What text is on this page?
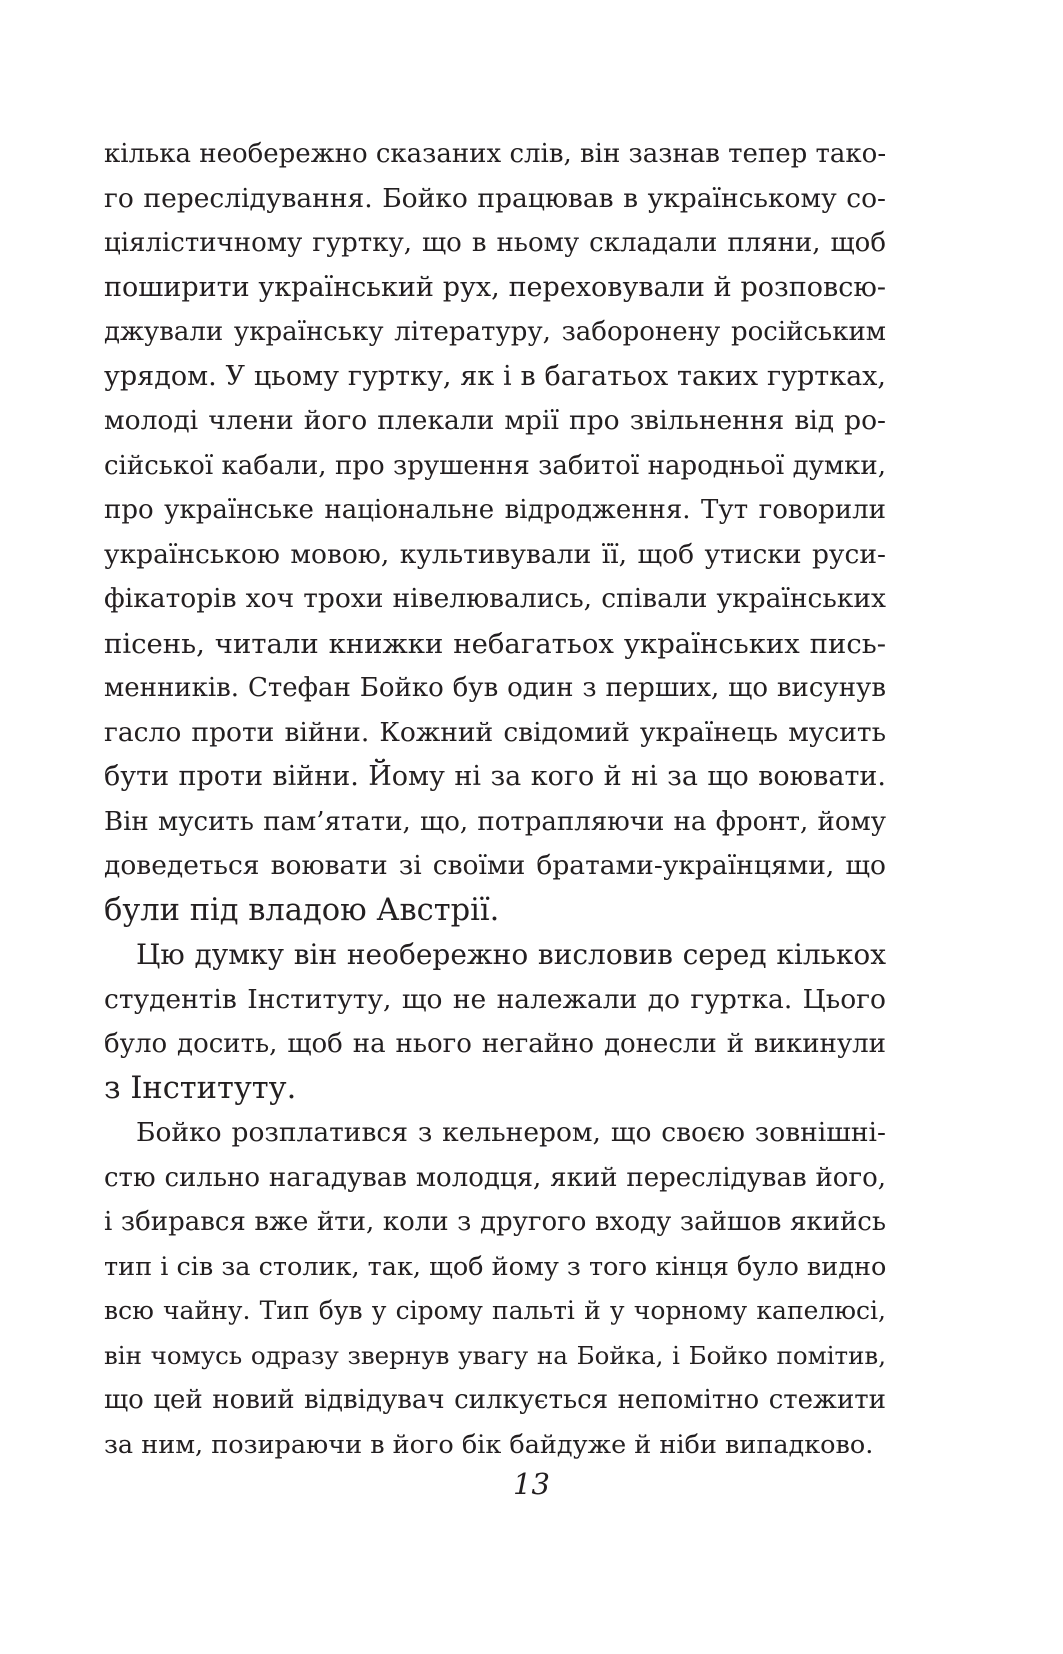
кілька необережно сказаних слів, він зазнав тепер тако-
го переслідування. Бойко працював в українському со-
ціялістичному гуртку, що в ньому складали пляни, щоб
поширити український рух, переховували й розповсю-
джували українську літературу, заборонену російським
урядом. У цьому гуртку, як і в багатьох таких гуртках,
молоді члени його плекали мрії про звільнення від ро-
сійської кабали, про зрушення забитої народньої думки,
про українське національне відродження. Тут говорили
українською мовою, культивували її, щоб утиски руси-
фікаторів хоч трохи нівелювались, співали українських
пісень, читали книжки небагатьох українських пись-
менників. Стефан Бойко був один з перших, що висунув
гасло проти війни. Кожний свідомий українець мусить
бути проти війни. Йому ні за кого й ні за що воювати.
Він мусить пам’ятати, що, потрапляючи на фронт, йому
доведеться воювати зі своїми братами-українцями, що
були під владою Австрії.
Цю думку він необережно висловив серед кількох
студентів Інституту, що не належали до гуртка. Цього
було досить, щоб на нього негайно донесли й викинули
з Інституту.
Бойко розплатився з кельнером, що своєю зовнішні-
стю сильно нагадував молодця, який переслідував його,
і збирався вже йти, коли з другого входу зайшов якийсь
тип і сів за столик, так, щоб йому з того кінця було видно
всю чайну. Тип був у сірому пальті й у чорному капелюсі,
він чомусь одразу звернув увагу на Бойка, і Бойко помітив,
що цей новий відвідувач силкується непомітно стежити
за ним, позираючи в його бік байдуже й ніби випадково.
13
